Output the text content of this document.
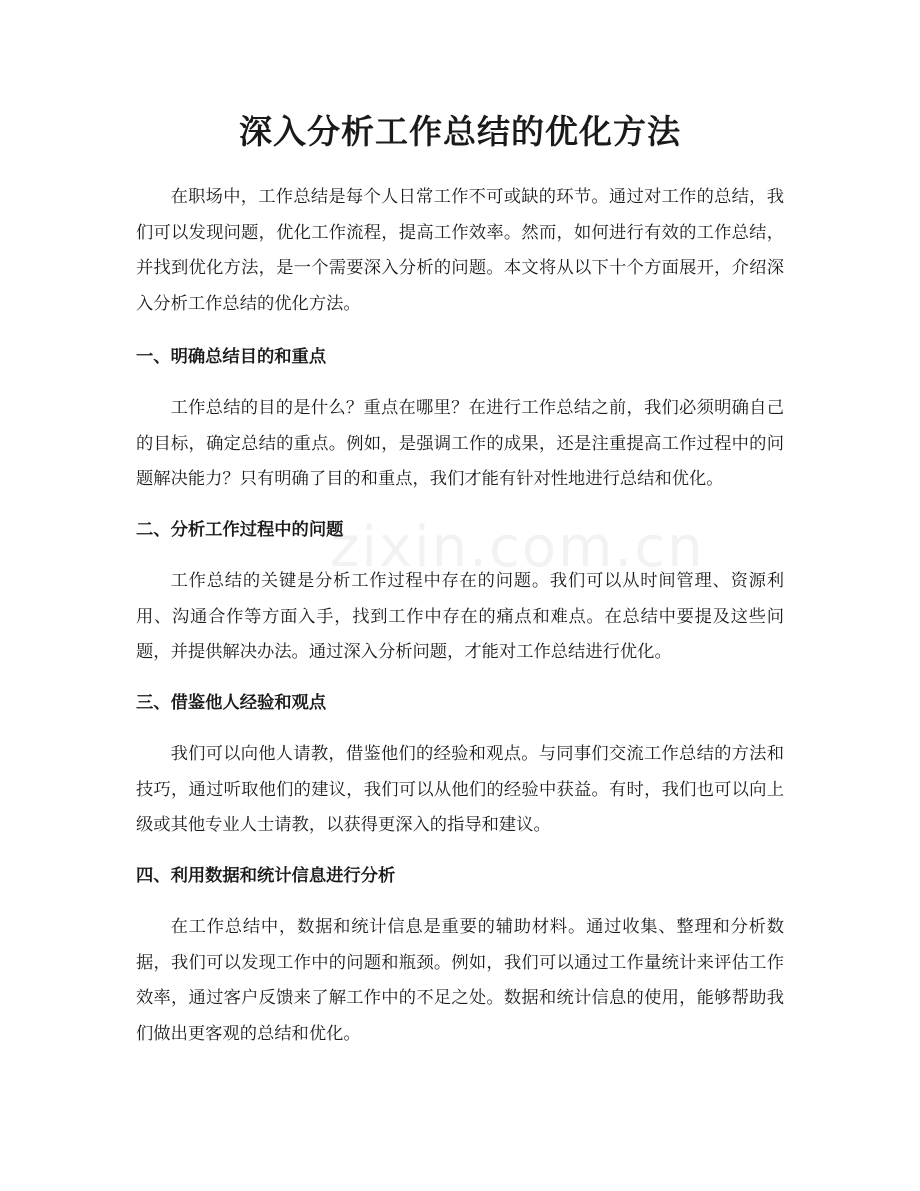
深入分析工作总结的优化方法

在职场中，工作总结是每个人日常工作不可或缺的环节。通过对工作的总结，我们可以发现问题，优化工作流程，提高工作效率。然而，如何进行有效的工作总结，并找到优化方法，是一个需要深入分析的问题。本文将从以下十个方面展开，介绍深入分析工作总结的优化方法。

一、明确总结目的和重点

工作总结的目的是什么？重点在哪里？在进行工作总结之前，我们必须明确自己的目标，确定总结的重点。例如，是强调工作的成果，还是注重提高工作过程中的问题解决能力？只有明确了目的和重点，我们才能有针对性地进行总结和优化。

二、分析工作过程中的问题

工作总结的关键是分析工作过程中存在的问题。我们可以从时间管理、资源利用、沟通合作等方面入手，找到工作中存在的痛点和难点。在总结中要提及这些问题，并提供解决办法。通过深入分析问题，才能对工作总结进行优化。

三、借鉴他人经验和观点

我们可以向他人请教，借鉴他们的经验和观点。与同事们交流工作总结的方法和技巧，通过听取他们的建议，我们可以从他们的经验中获益。有时，我们也可以向上级或其他专业人士请教，以获得更深入的指导和建议。

四、利用数据和统计信息进行分析

在工作总结中，数据和统计信息是重要的辅助材料。通过收集、整理和分析数据，我们可以发现工作中的问题和瓶颈。例如，我们可以通过工作量统计来评估工作效率，通过客户反馈来了解工作中的不足之处。数据和统计信息的使用，能够帮助我们做出更客观的总结和优化。

zixin.com.cn
